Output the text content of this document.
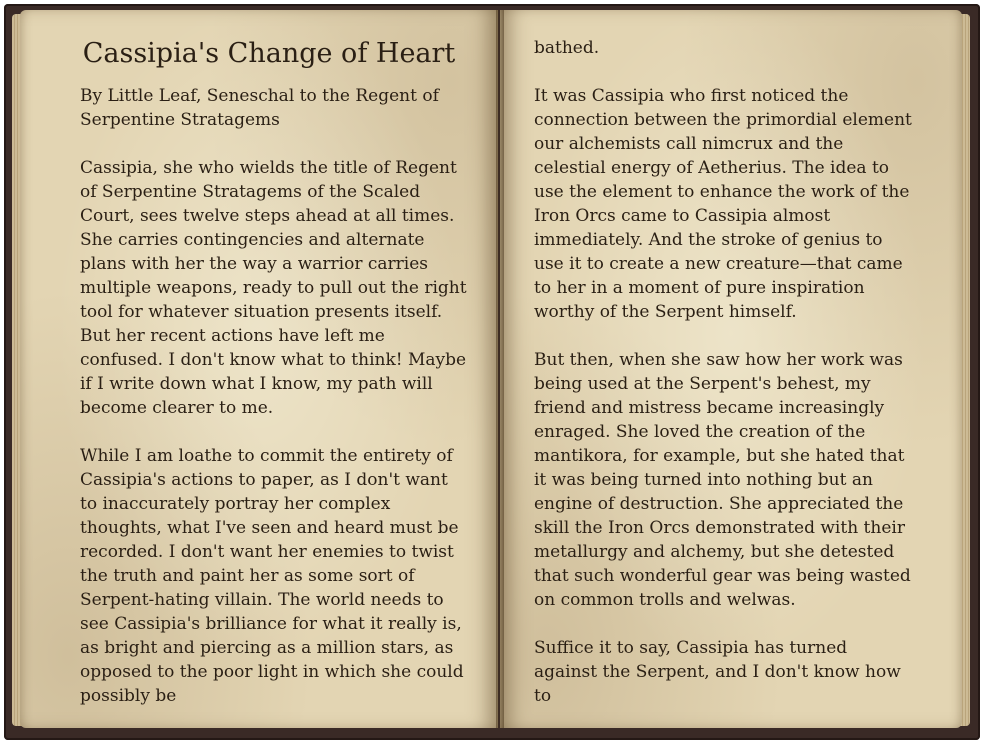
Cassipia's Change of Heart

By Little Leaf, Seneschal to the Regent of Serpentine Stratagems

Cassipia, she who wields the title of Regent of Serpentine Stratagems of the Scaled Court, sees twelve steps ahead at all times. She carries contingencies and alternate plans with her the way a warrior carries multiple weapons, ready to pull out the right tool for whatever situation presents itself. But her recent actions have left me confused. I don't know what to think! Maybe if I write down what I know, my path will become clearer to me.

While I am loathe to commit the entirety of Cassipia's actions to paper, as I don't want to inaccurately portray her complex thoughts, what I've seen and heard must be recorded. I don't want her enemies to twist the truth and paint her as some sort of Serpent-hating villain. The world needs to see Cassipia's brilliance for what it really is, as bright and piercing as a million stars, as opposed to the poor light in which she could possibly be

bathed.

It was Cassipia who first noticed the connection between the primordial element our alchemists call nimcrux and the celestial energy of Aetherius. The idea to use the element to enhance the work of the Iron Orcs came to Cassipia almost immediately. And the stroke of genius to use it to create a new creature—that came to her in a moment of pure inspiration worthy of the Serpent himself.

But then, when she saw how her work was being used at the Serpent's behest, my friend and mistress became increasingly enraged. She loved the creation of the mantikora, for example, but she hated that it was being turned into nothing but an engine of destruction. She appreciated the skill the Iron Orcs demonstrated with their metallurgy and alchemy, but she detested that such wonderful gear was being wasted on common trolls and welwas.

Suffice it to say, Cassipia has turned against the Serpent, and I don't know how to
